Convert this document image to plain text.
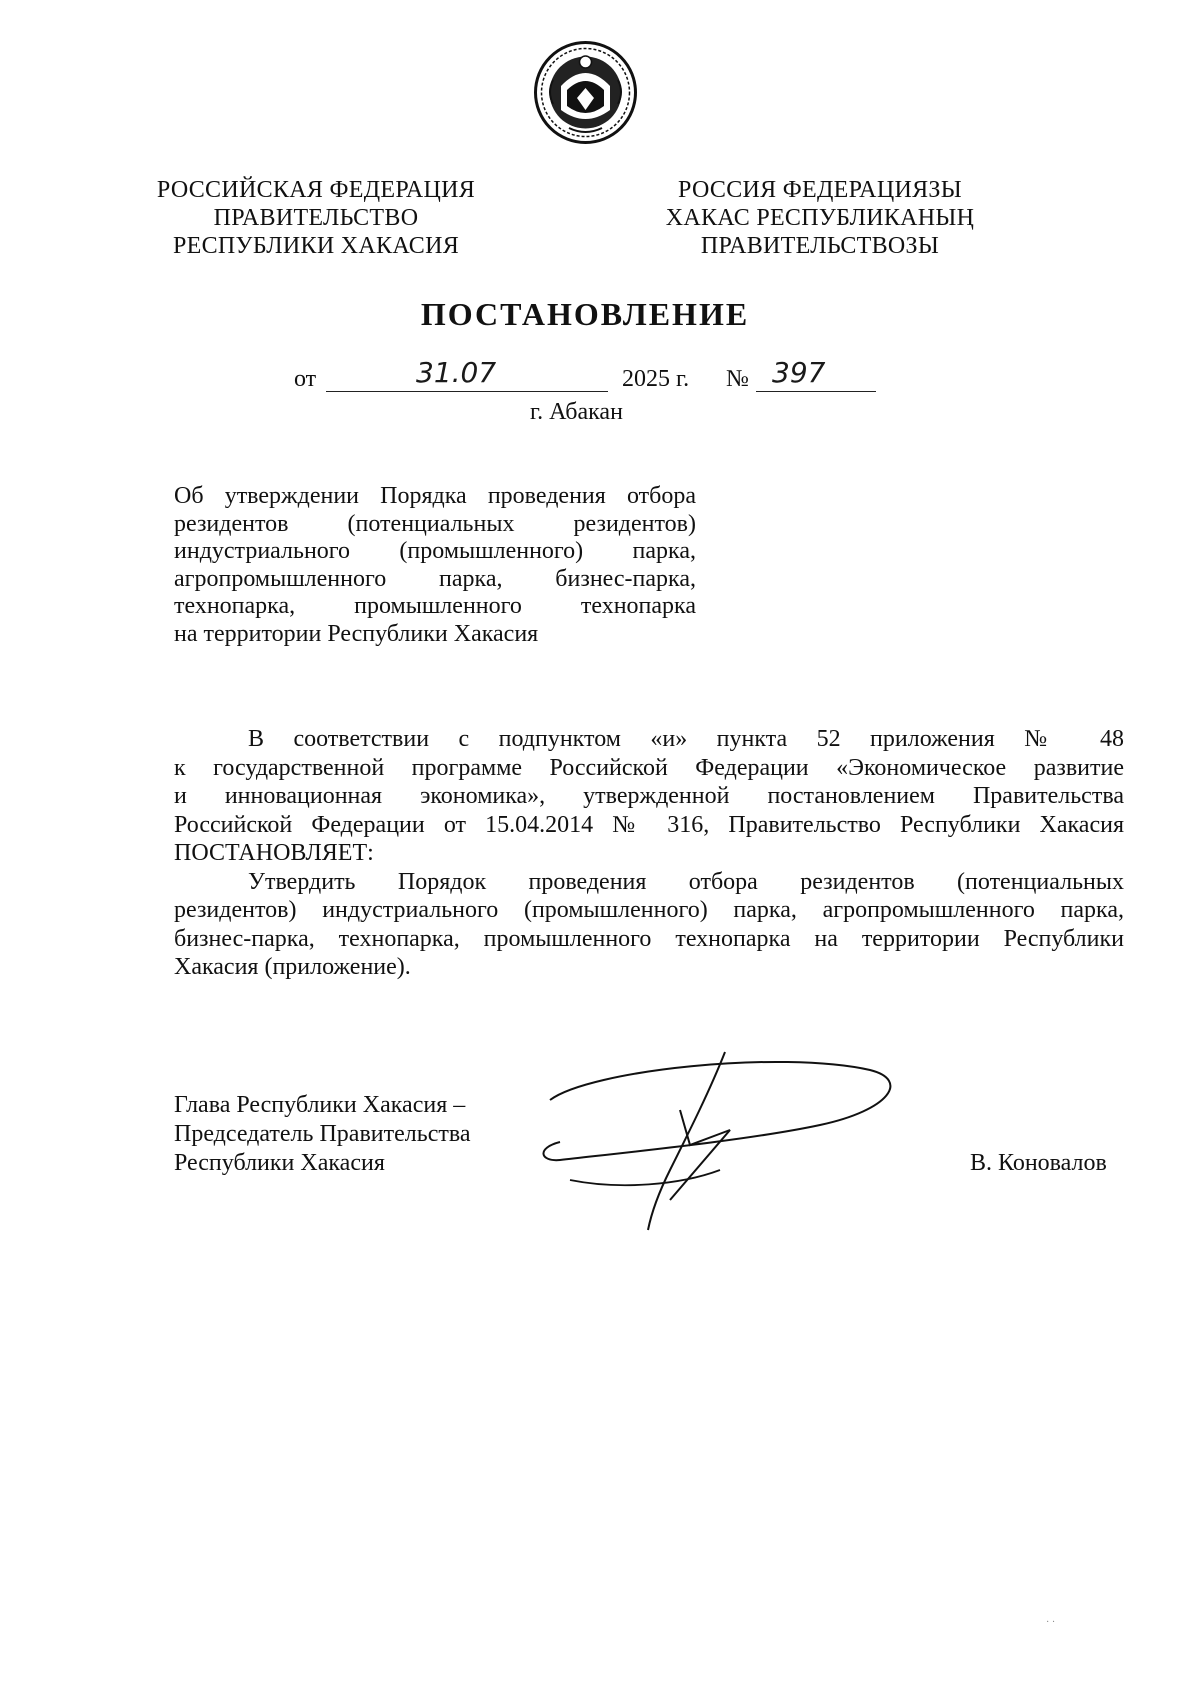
РОССИЙСКАЯ ФЕДЕРАЦИЯ
ПРАВИТЕЛЬСТВО
РЕСПУБЛИКИ ХАКАСИЯ
РОССИЯ ФЕДЕРАЦИЯЗЫ
ХАКАС РЕСПУБЛИКАНЫҢ
ПРАВИТЕЛЬСТВОЗЫ
ПОСТАНОВЛЕНИЕ
от	31.07	2025 г. № 397
г. Абакан
Об утверждении Порядка проведения отбора
резидентов (потенциальных резидентов)
индустриального (промышленного) парка,
агропромышленного парка, бизнес-парка,
технопарка, промышленного технопарка
на территории Республики Хакасия
В соответствии с подпунктом «и» пункта 52 приложения № 48
к государственной программе Российской Федерации «Экономическое развитие
и инновационная экономика», утвержденной постановлением Правительства
Российской Федерации от 15.04.2014 № 316, Правительство Республики Хакасия
ПОСТАНОВЛЯЕТ:
Утвердить Порядок проведения отбора резидентов (потенциальных
резидентов) индустриального (промышленного) парка, агропромышленного парка,
бизнес-парка, технопарка, промышленного технопарка на территории Республики
Хакасия (приложение).
Глава Республики Хакасия –
Председатель Правительства
Республики Хакасия	В. Коновалов
· ·
